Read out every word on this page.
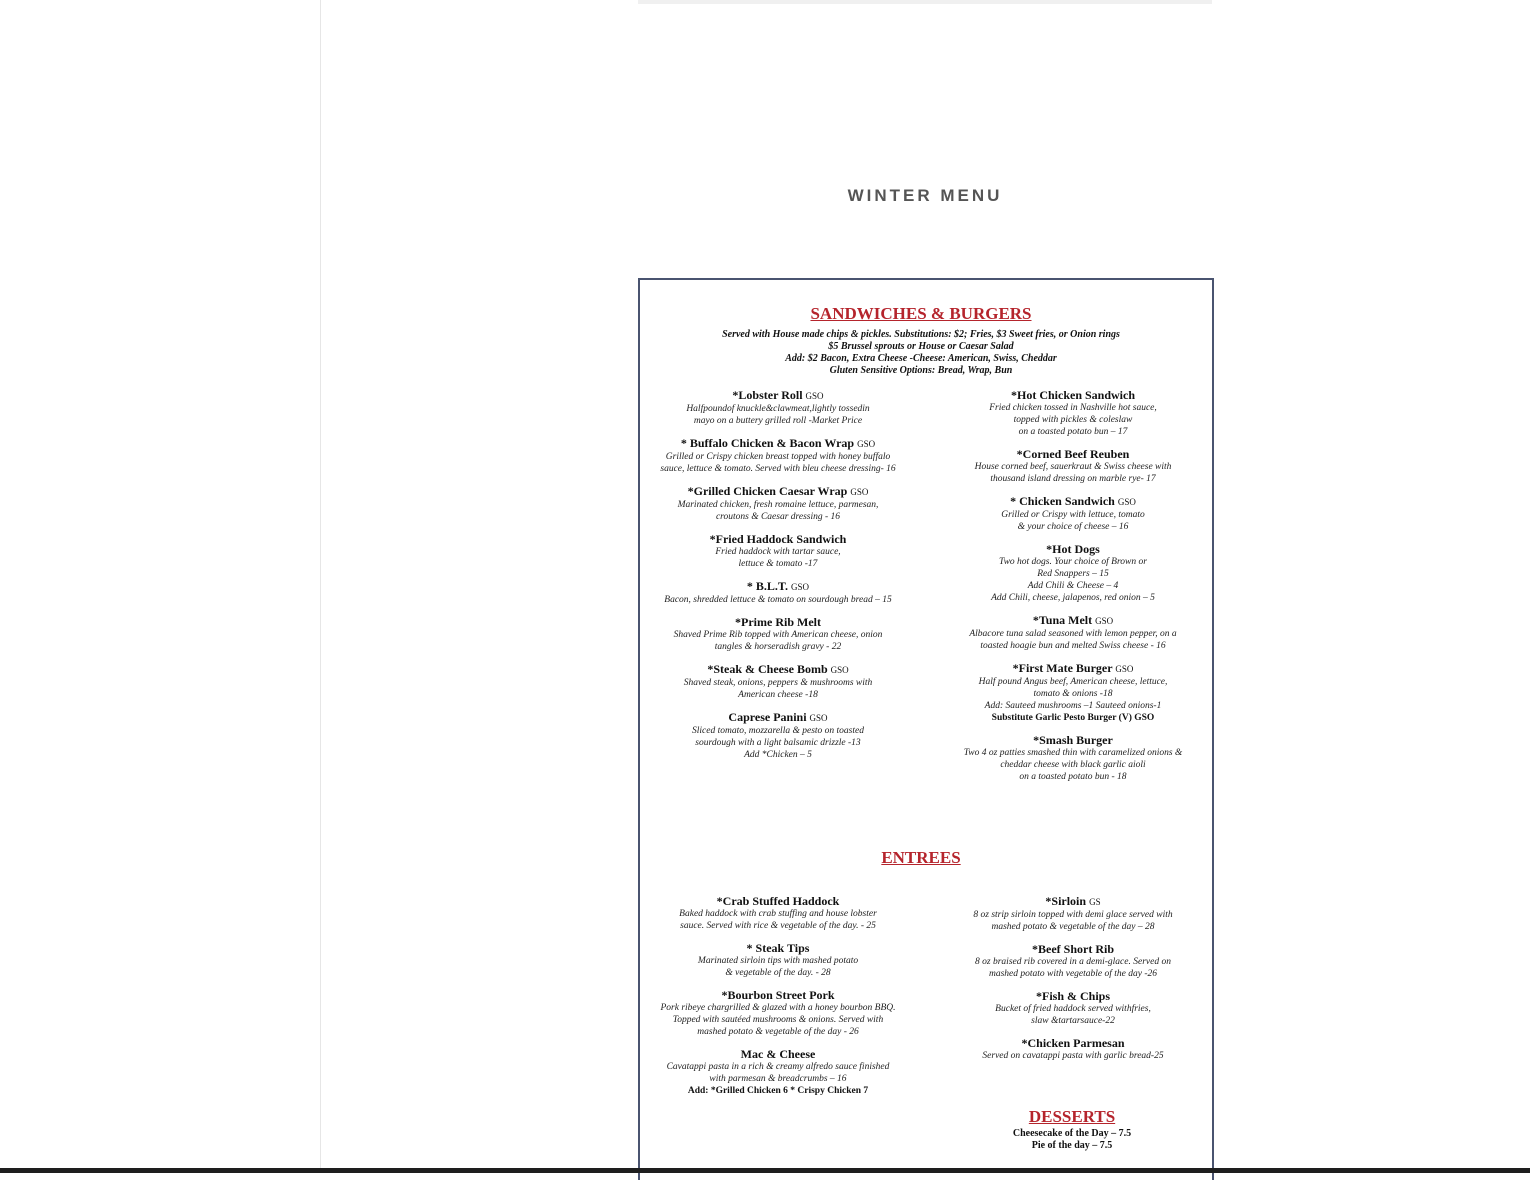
WINTER MENU
SANDWICHES & BURGERS
Served with House made chips & pickles. Substitutions: $2; Fries, $3 Sweet fries, or Onion rings
$5 Brussel sprouts or House or Caesar Salad
Add: $2 Bacon, Extra Cheese -Cheese: American, Swiss, Cheddar
Gluten Sensitive Options: Bread, Wrap, Bun
*Lobster Roll GSO
Halfpoundof knuckle&clawmeat,lightly tossedin
mayo on a buttery grilled roll -Market Price
* Buffalo Chicken & Bacon Wrap GSO
Grilled or Crispy chicken breast topped with honey buffalo
sauce, lettuce & tomato. Served with bleu cheese dressing- 16
*Grilled Chicken Caesar Wrap GSO
Marinated chicken, fresh romaine lettuce, parmesan,
croutons & Caesar dressing - 16
*Fried Haddock Sandwich
Fried haddock with tartar sauce,
lettuce & tomato -17
* B.L.T. GSO
Bacon, shredded lettuce & tomato on sourdough bread – 15
*Prime Rib Melt
Shaved Prime Rib topped with American cheese, onion
tangles & horseradish gravy - 22
*Steak & Cheese Bomb GSO
Shaved steak, onions, peppers & mushrooms with
American cheese -18
Caprese Panini GSO
Sliced tomato, mozzarella & pesto on toasted
sourdough with a light balsamic drizzle -13
Add *Chicken – 5
*Hot Chicken Sandwich
Fried chicken tossed in Nashville hot sauce,
topped with pickles & coleslaw
on a toasted potato bun – 17
*Corned Beef Reuben
House corned beef, sauerkraut & Swiss cheese with
thousand island dressing on marble rye- 17
* Chicken Sandwich GSO
Grilled or Crispy with lettuce, tomato
& your choice of cheese – 16
*Hot Dogs
Two hot dogs. Your choice of Brown or
Red Snappers – 15
Add Chili & Cheese – 4
Add Chili, cheese, jalapenos, red onion – 5
*Tuna Melt GSO
Albacore tuna salad seasoned with lemon pepper, on a
toasted hoagie bun and melted Swiss cheese - 16
*First Mate Burger GSO
Half pound Angus beef, American cheese, lettuce,
tomato & onions -18
Add: Sauteed mushrooms –1 Sauteed onions-1
Substitute Garlic Pesto Burger (V) GSO
*Smash Burger
Two 4 oz patties smashed thin with caramelized onions &
cheddar cheese with black garlic aioli
on a toasted potato bun - 18
ENTREES
*Crab Stuffed Haddock
Baked haddock with crab stuffing and house lobster
sauce. Served with rice & vegetable of the day. - 25
* Steak Tips
Marinated sirloin tips with mashed potato
& vegetable of the day. - 28
*Bourbon Street Pork
Pork ribeye chargrilled & glazed with a honey bourbon BBQ.
Topped with sautéed mushrooms & onions. Served with
mashed potato & vegetable of the day - 26
Mac & Cheese
Cavatappi pasta in a rich & creamy alfredo sauce finished
with parmesan & breadcrumbs – 16
Add: *Grilled Chicken 6 * Crispy Chicken 7
*Sirloin GS
8 oz strip sirloin topped with demi glace served with
mashed potato & vegetable of the day – 28
*Beef Short Rib
8 oz braised rib covered in a demi-glace. Served on
mashed potato with vegetable of the day -26
*Fish & Chips
Bucket of fried haddock served withfries,
slaw &tartarsauce-22
*Chicken Parmesan
Served on cavatappi pasta with garlic bread-25
DESSERTS
Cheesecake of the Day – 7.5
Pie of the day – 7.5
